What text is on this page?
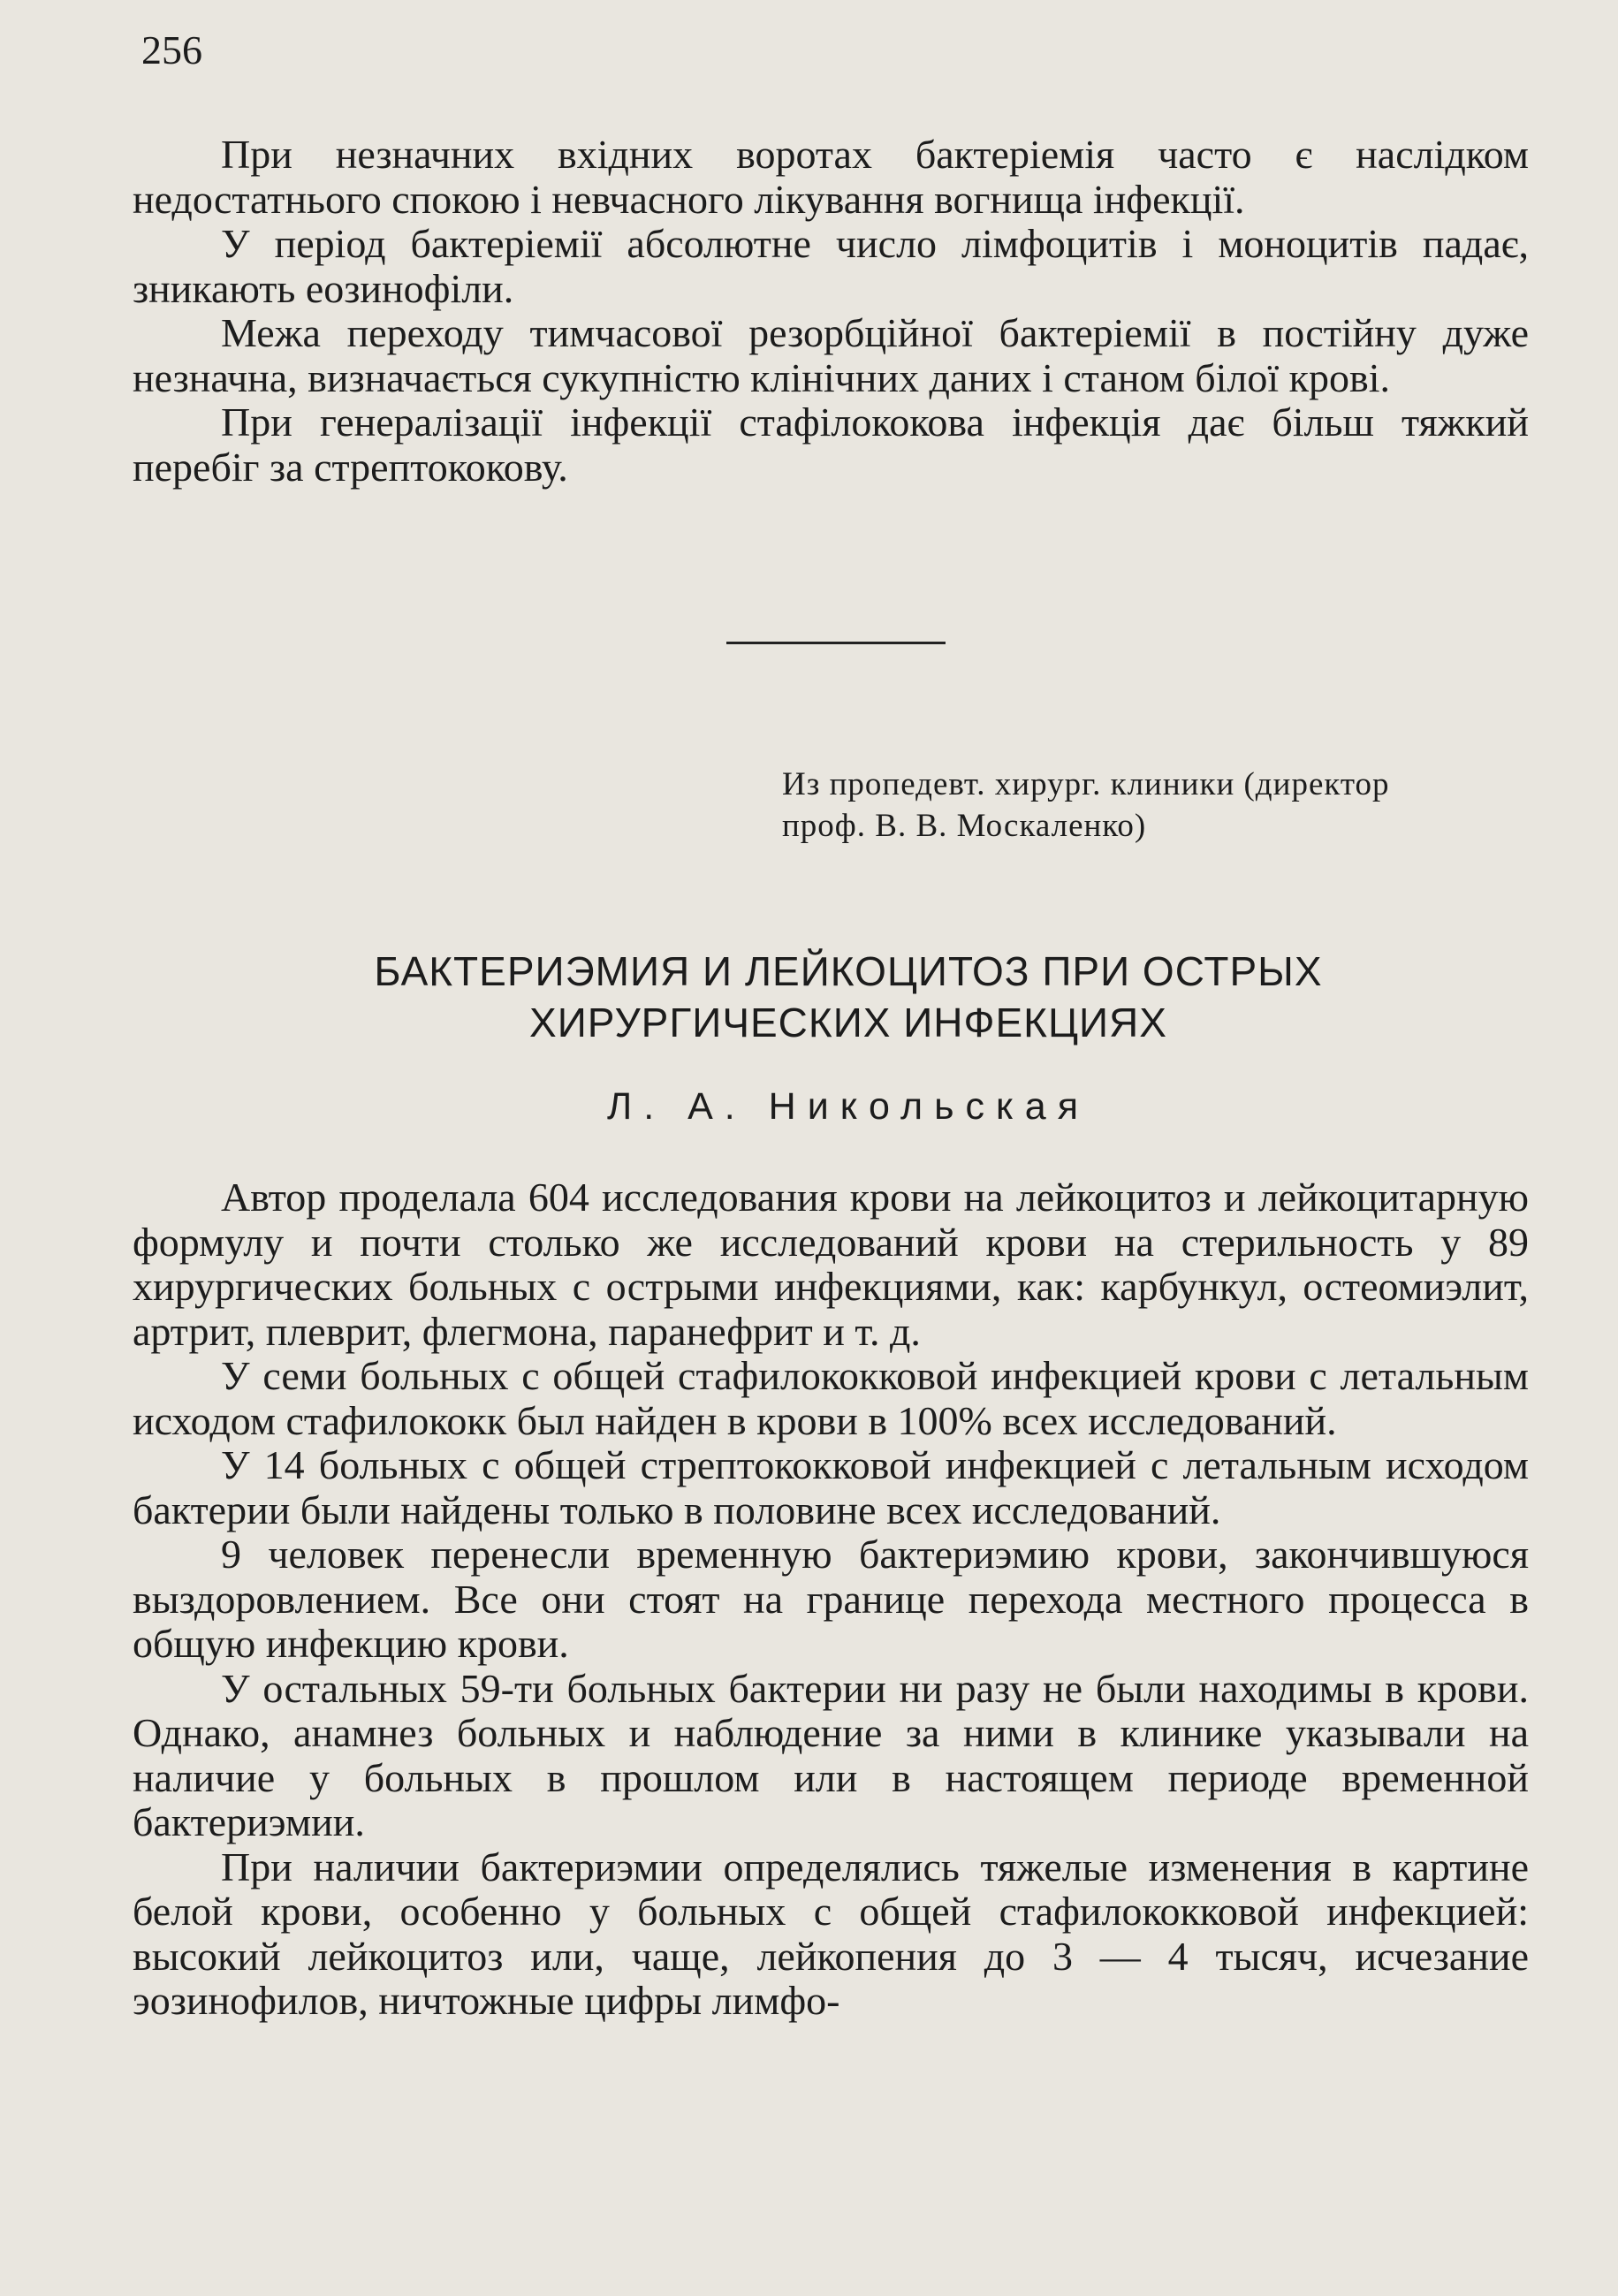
256

При незначних вхідних воротах бактеріемія часто є наслідком недостатнього спокою і невчасного лікування вогнища інфекції.

У період бактеріемії абсолютне число лімфоцитів і моноцитів падає, зникають еозинофіли.

Межа переходу тимчасової резорбційної бактеріемії в постійну дуже незначна, визначається сукупністю клінічних даних і станом білої крові.

При генералізації інфекції стафілококова інфекція дає більш тяжкий перебіг за стрептококову.

Из пропедевт. хирург. клиники (директор
проф. В. В. Москаленко)
БАКТЕРИЭМИЯ И ЛЕЙКОЦИТОЗ ПРИ ОСТРЫХ
ХИРУРГИЧЕСКИХ ИНФЕКЦИЯХ
Л. А. Никольская

Автор проделала 604 исследования крови на лейкоцитоз и лейкоцитарную формулу и почти столько же исследований крови на стерильность у 89 хирургических больных с острыми инфекциями, как: карбункул, остеомиэлит, артрит, плеврит, флегмона, паранефрит и т. д.

У семи больных с общей стафилококковой инфекцией крови с летальным исходом стафилококк был найден в крови в 100% всех исследований.

У 14 больных с общей стрептококковой инфекцией с летальным исходом бактерии были найдены только в половине всех исследований.

9 человек перенесли временную бактериэмию крови, закончившуюся выздоровлением. Все они стоят на границе перехода местного процесса в общую инфекцию крови.

У остальных 59-ти больных бактерии ни разу не были находимы в крови. Однако, анамнез больных и наблюдение за ними в клинике указывали на наличие у больных в прошлом или в настоящем периоде временной бактериэмии.

При наличии бактериэмии определялись тяжелые изменения в картине белой крови, особенно у больных с общей стафилококковой инфекцией: высокий лейкоцитоз или, чаще, лейкопения до 3 — 4 тысяч, исчезание эозинофилов, ничтожные цифры лимфо-
